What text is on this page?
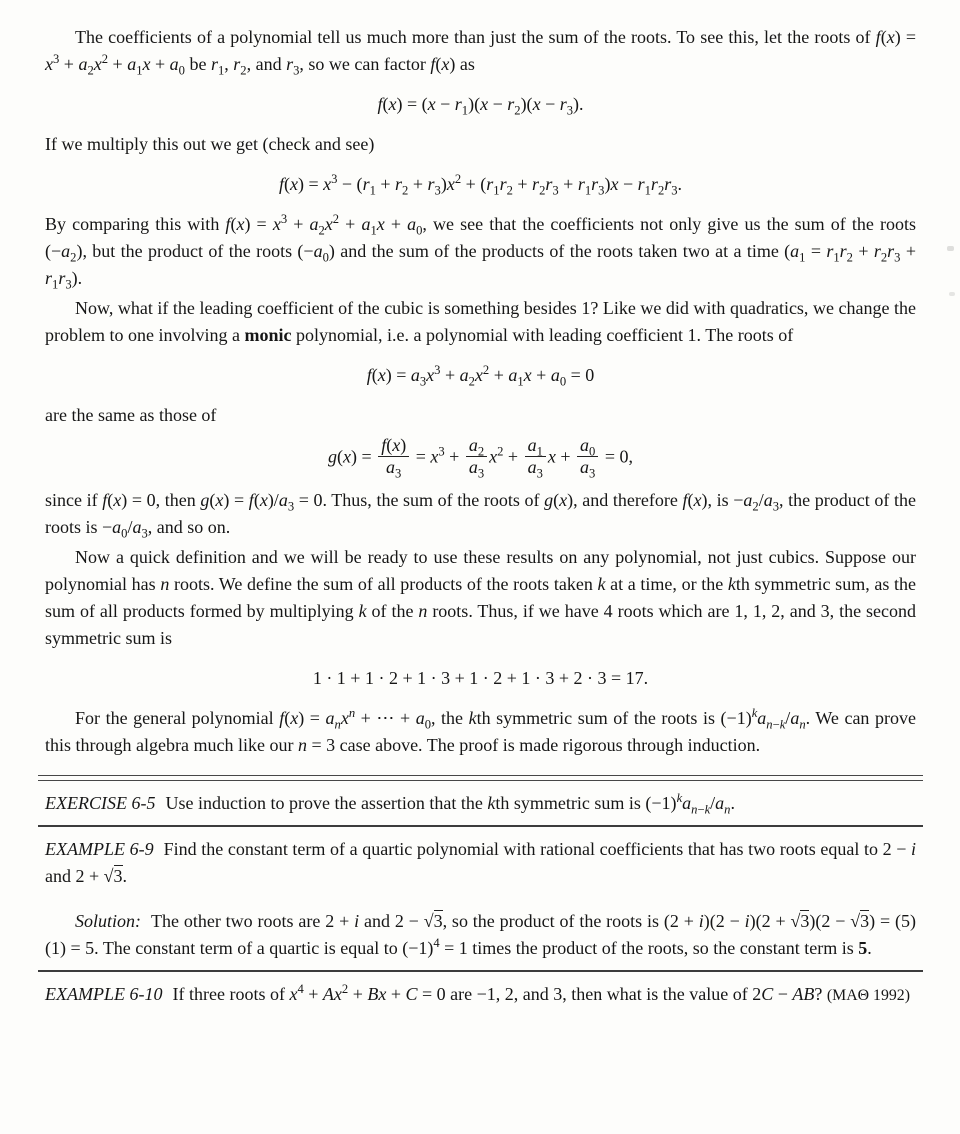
The coefficients of a polynomial tell us much more than just the sum of the roots. To see this, let the roots of $f(x) = x^3 + a_2x^2 + a_1x + a_0$ be $r_1$, $r_2$, and $r_3$, so we can factor f(x) as

$f(x) = (x - r_1)(x - r_2)(x - r_3)$.

If we multiply this out we get (check and see)

$f(x) = x^3 - (r_1 + r_2 + r_3)x^2 + (r_1r_2 + r_2r_3 + r_1r_3)x - r_1r_2r_3$.

By comparing this with $f(x) = x^3 + a_2x^2 + a_1x + a_0$, we see that the coefficients not only give us the sum of the roots $(-a_2)$, but the product of the roots $(-a_0)$ and the sum of the products of the roots taken two at a time $(a_1 = r_1r_2 + r_2r_3 + r_1r_3)$.

Now, what if the leading coefficient of the cubic is something besides 1? Like we did with quadratics, we change the problem to one involving a monic polynomial, i.e. a polynomial with leading coefficient 1. The roots of

$f(x) = a_3x^3 + a_2x^2 + a_1x + a_0 = 0$

are the same as those of

$g(x) = \frac{f(x)}{a_3} = x^3 + \frac{a_2}{a_3} x^2 + \frac{a_1}{a_3}$ $x + \frac{a_0}{a_3} = 0$,

since if f(x) = 0, then $g(x) = f(x)/a_3 = 0$. Thus, the sum of the roots of g(x), and therefore f(x), is $-a_2/a_3$, the product of the roots is $-a_0/a_3$, and so on.

Now a quick definition and we will be ready to use these results on any polynomial, not just cubics. Suppose our polynomial has n roots. We define the sum of all products of the roots taken k at a time, or the kth symmetric sum, as the sum of all products formed by multiplying k of the n roots. Thus, if we have 4 roots which are 1, 1, 2, and 3, the second symmetric sum is

1 · 1 + 1 · 2 + 1 · 3 + 1 · 2 + 1 · 3 + 2 · 3 = 17.

For the general polynomial $f(x) = a_nx^n$ + ⋯ + $a_0$, the kth symmetric sum of the roots is $(-1)^ka_{n-k}/a_n$. We can prove this through algebra much like our n = 3 case above. The proof is made rigorous through induction.

EXERCISE 6-5 Use induction to prove the assertion that the kth symmetric sum is $(-1)^ka_{n-k}/a_n$.

EXAMPLE 6-9 Find the constant term of a quartic polynomial with rational coefficients that has two roots equal to 2 − i and 2 + √3.

Solution: The other two roots are 2 + i and 2 − √3, so the product of the roots is (2 + i)(2 − i)(2 + √3)(2 − √3) = (5)(1) = 5. The constant term of a quartic is equal to $(-1)^4 = 1$ times the product of the roots, so the constant term is 5.

EXAMPLE 6-10 If three roots of $x^4 + Ax^2 + Bx + C = 0$ are −1, 2, and 3, then what is the value of 2C − AB? (MAΘ 1992)
